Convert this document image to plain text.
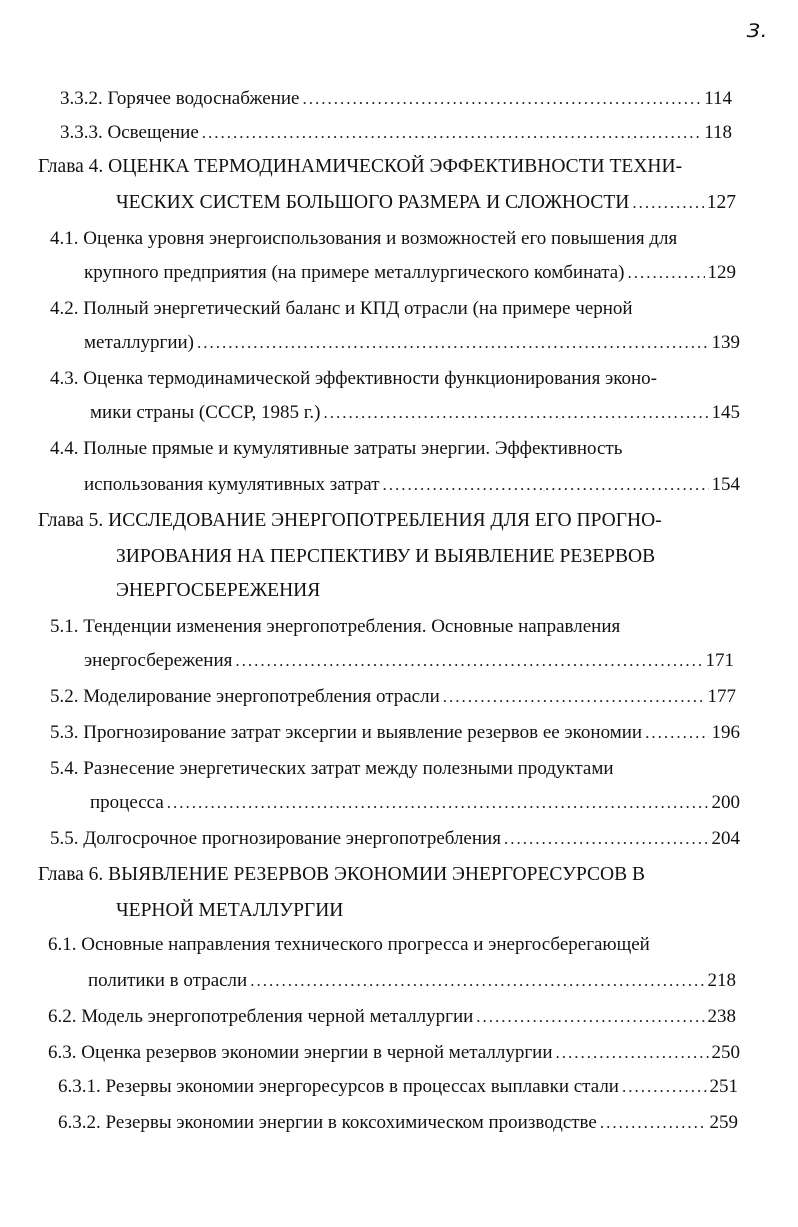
3.
3.3.2. Горячее водоснабжение .....	114
3.3.3. Освещение .....	118
Глава 4. ОЦЕНКА ТЕРМОДИНАМИЧЕСКОЙ ЭФФЕКТИВНОСТИ ТЕХНИ-
ЧЕСКИХ СИСТЕМ БОЛЬШОГО РАЗМЕРА И СЛОЖНОСТИ .....	127
4.1. Оценка уровня энергоиспользования и возможностей его повышения для
крупного предприятия (на примере металлургического комбината) .....	129
4.2. Полный энергетический баланс и КПД отрасли (на примере черной
металлургии) .....	139
4.3. Оценка термодинамической эффективности функционирования эконо-
мики страны (СССР, 1985 г.) .....	145
4.4. Полные прямые и кумулятивные затраты энергии. Эффективность
использования кумулятивных затрат .....	154
Глава 5. ИССЛЕДОВАНИЕ ЭНЕРГОПОТРЕБЛЕНИЯ ДЛЯ ЕГО ПРОГНО-
ЗИРОВАНИЯ НА ПЕРСПЕКТИВУ И ВЫЯВЛЕНИЕ РЕЗЕРВОВ
ЭНЕРГОСБЕРЕЖЕНИЯ
5.1. Тенденции изменения энергопотребления. Основные направления
энергосбережения .....	171
5.2. Моделирование энергопотребления отрасли .....	177
5.3. Прогнозирование затрат эксергии и выявление резервов ее экономии .....	196
5.4. Разнесение энергетических затрат между полезными продуктами
процесса .....	200
5.5. Долгосрочное прогнозирование энергопотребления .....	204
Глава 6. ВЫЯВЛЕНИЕ РЕЗЕРВОВ ЭКОНОМИИ ЭНЕРГОРЕСУРСОВ В
ЧЕРНОЙ МЕТАЛЛУРГИИ
6.1. Основные направления технического прогресса и энергосберегающей
политики в отрасли .....	218
6.2. Модель энергопотребления черной металлургии .....	238
6.3. Оценка резервов экономии энергии в черной металлургии .....	250
6.3.1. Резервы экономии энергоресурсов в процессах выплавки стали .....	251
6.3.2. Резервы экономии энергии в коксохимическом производстве .....	259
